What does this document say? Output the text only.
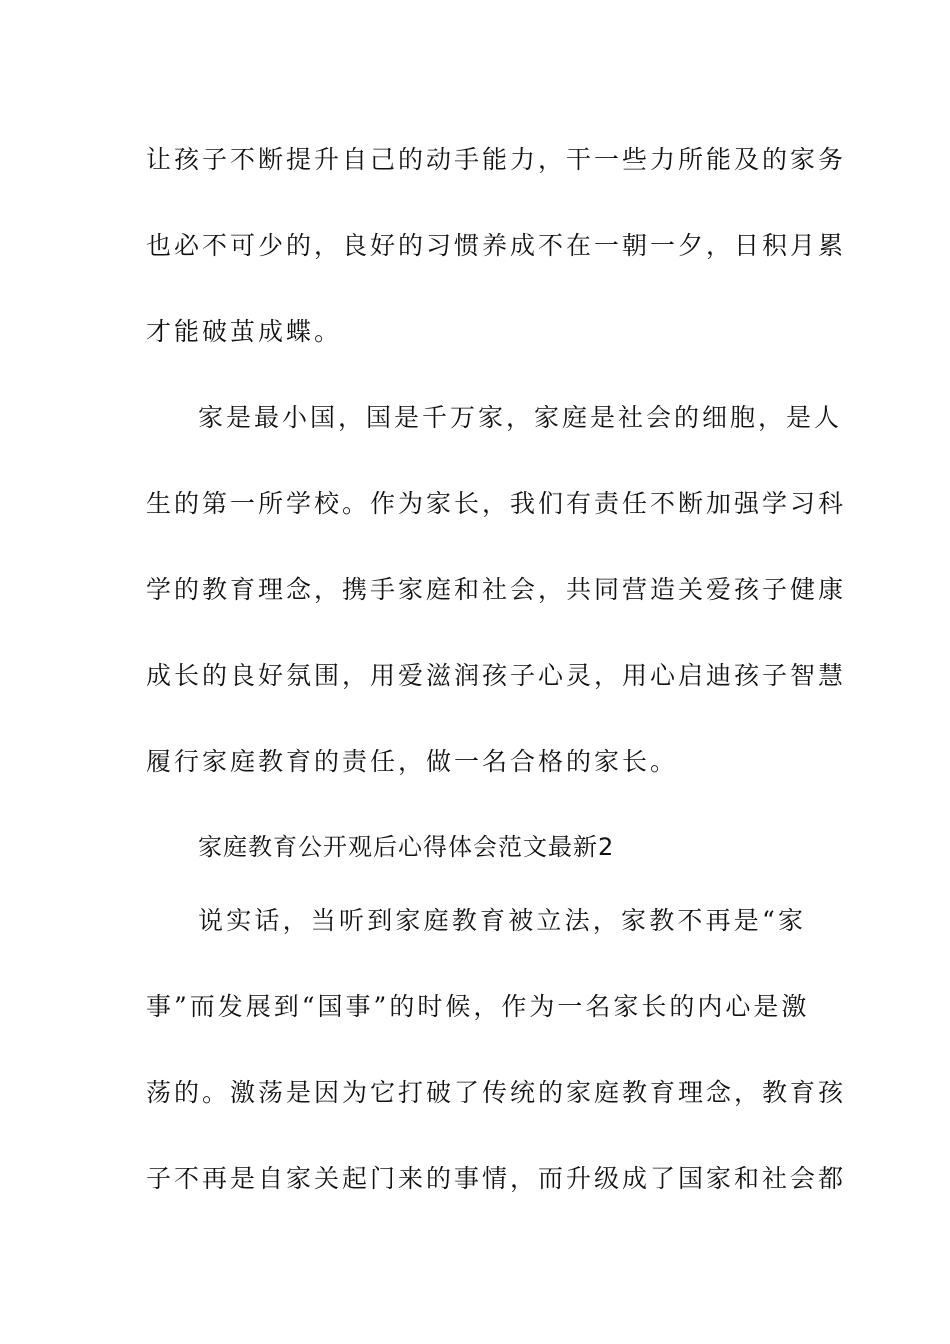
让孩子不断提升自己的动手能力，干一些力所能及的家务
也必不可少的，良好的习惯养成不在一朝一夕，日积月累
才能破茧成蝶。
家是最小国，国是千万家，家庭是社会的细胞，是人
生的第一所学校。作为家长，我们有责任不断加强学习科
学的教育理念，携手家庭和社会，共同营造关爱孩子健康
成长的良好氛围，用爱滋润孩子心灵，用心启迪孩子智慧
履行家庭教育的责任，做一名合格的家长。
家庭教育公开观后心得体会范文最新2
说实话，当听到家庭教育被立法，家教不再是“家
事”而发展到“国事”的时候，作为一名家长的内心是激
荡的。激荡是因为它打破了传统的家庭教育理念，教育孩
子不再是自家关起门来的事情，而升级成了国家和社会都
